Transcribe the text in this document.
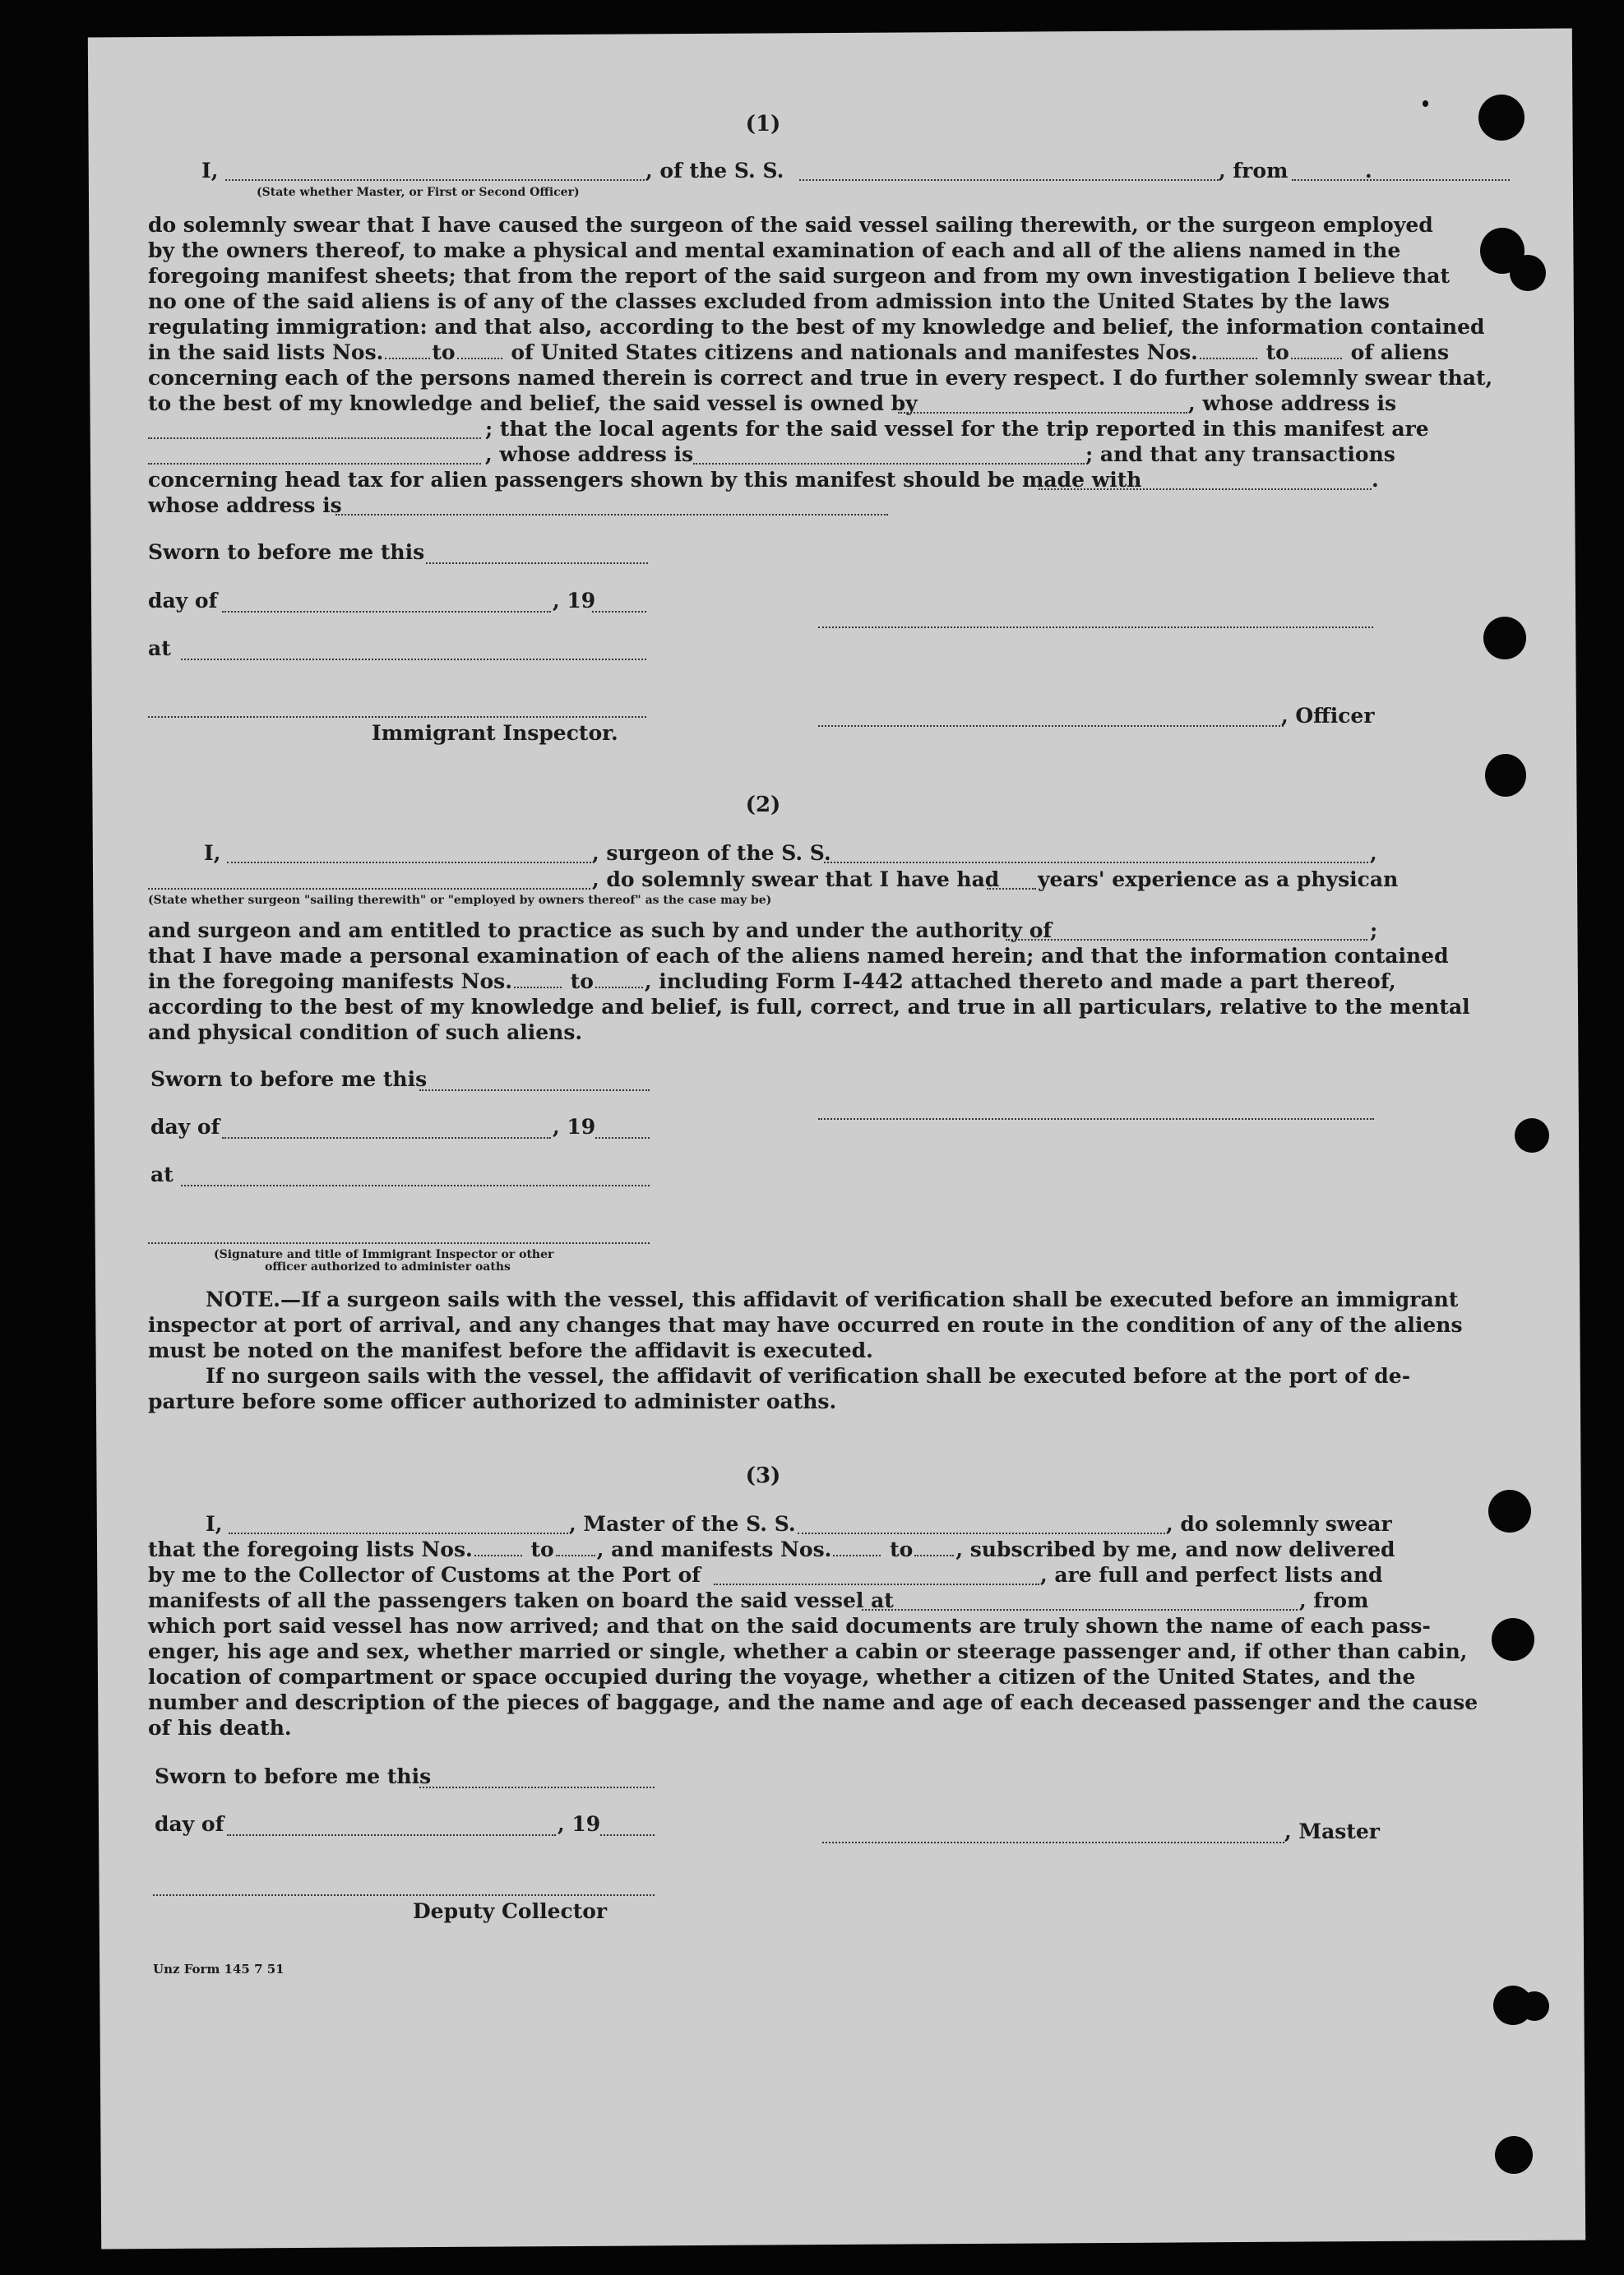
(1)
I,	, of the S. S.	, from	.
(State whether Master, or First or Second Officer)
do solemnly swear that I have caused the surgeon of the said vessel sailing therewith, or the surgeon employed
by the owners thereof, to make a physical and mental examination of each and all of the aliens named in the
foregoing manifest sheets; that from the report of the said surgeon and from my own investigation I believe that
no one of the said aliens is of any of the classes excluded from admission into the United States by the laws
regulating immigration: and that also, according to the best of my knowledge and belief, the information contained
in the said lists Nos. to	of United States citizens and nationals and manifestes Nos.	to	of aliens
concerning each of the persons named therein is correct and true in every respect. I do further solemnly swear that,
to the best of my knowledge and belief, the said vessel is owned by	, whose address is
; that the local agents for the said vessel for the trip reported in this manifest are
, whose address is	; and that any transactions
concerning head tax for alien passengers shown by this manifest should be made with	.
whose address is
Sworn to before me this
day of	, 19
at
Immigrant Inspector.
, Officer
(2)
I,	, surgeon of the S. S.	,
, do solemnly swear that I have had years' experience as a physican
(State whether surgeon "sailing therewith" or "employed by owners thereof" as the case may be)
and surgeon and am entitled to practice as such by and under the authority of	;
that I have made a personal examination of each of the aliens named herein; and that the information contained
in the foregoing manifests Nos.	to , including Form I-442 attached thereto and made a part thereof,
according to the best of my knowledge and belief, is full, correct, and true in all particulars, relative to the mental
and physical condition of such aliens.
Sworn to before me this
day of	, 19
at
(Signature and title of Immigrant Inspector or other
officer authorized to administer oaths
NOTE.—If a surgeon sails with the vessel, this affidavit of verification shall be executed before an immigrant
inspector at port of arrival, and any changes that may have occurred en route in the condition of any of the aliens
must be noted on the manifest before the affidavit is executed.
If no surgeon sails with the vessel, the affidavit of verification shall be executed before at the port of de-
parture before some officer authorized to administer oaths.
(3)
I,	, Master of the S. S.	, do solemnly swear
that the foregoing lists Nos.	to , and manifests Nos.	to , subscribed by me, and now delivered
by me to the Collector of Customs at the Port of	, are full and perfect lists and
manifests of all the passengers taken on board the said vessel at	, from
which port said vessel has now arrived; and that on the said documents are truly shown the name of each pass-
enger, his age and sex, whether married or single, whether a cabin or steerage passenger and, if other than cabin,
location of compartment or space occupied during the voyage, whether a citizen of the United States, and the
number and description of the pieces of baggage, and the name and age of each deceased passenger and the cause
of his death.
Sworn to before me this
day of	, 19	, Master
Deputy Collector
Unz Form 145 7 51
